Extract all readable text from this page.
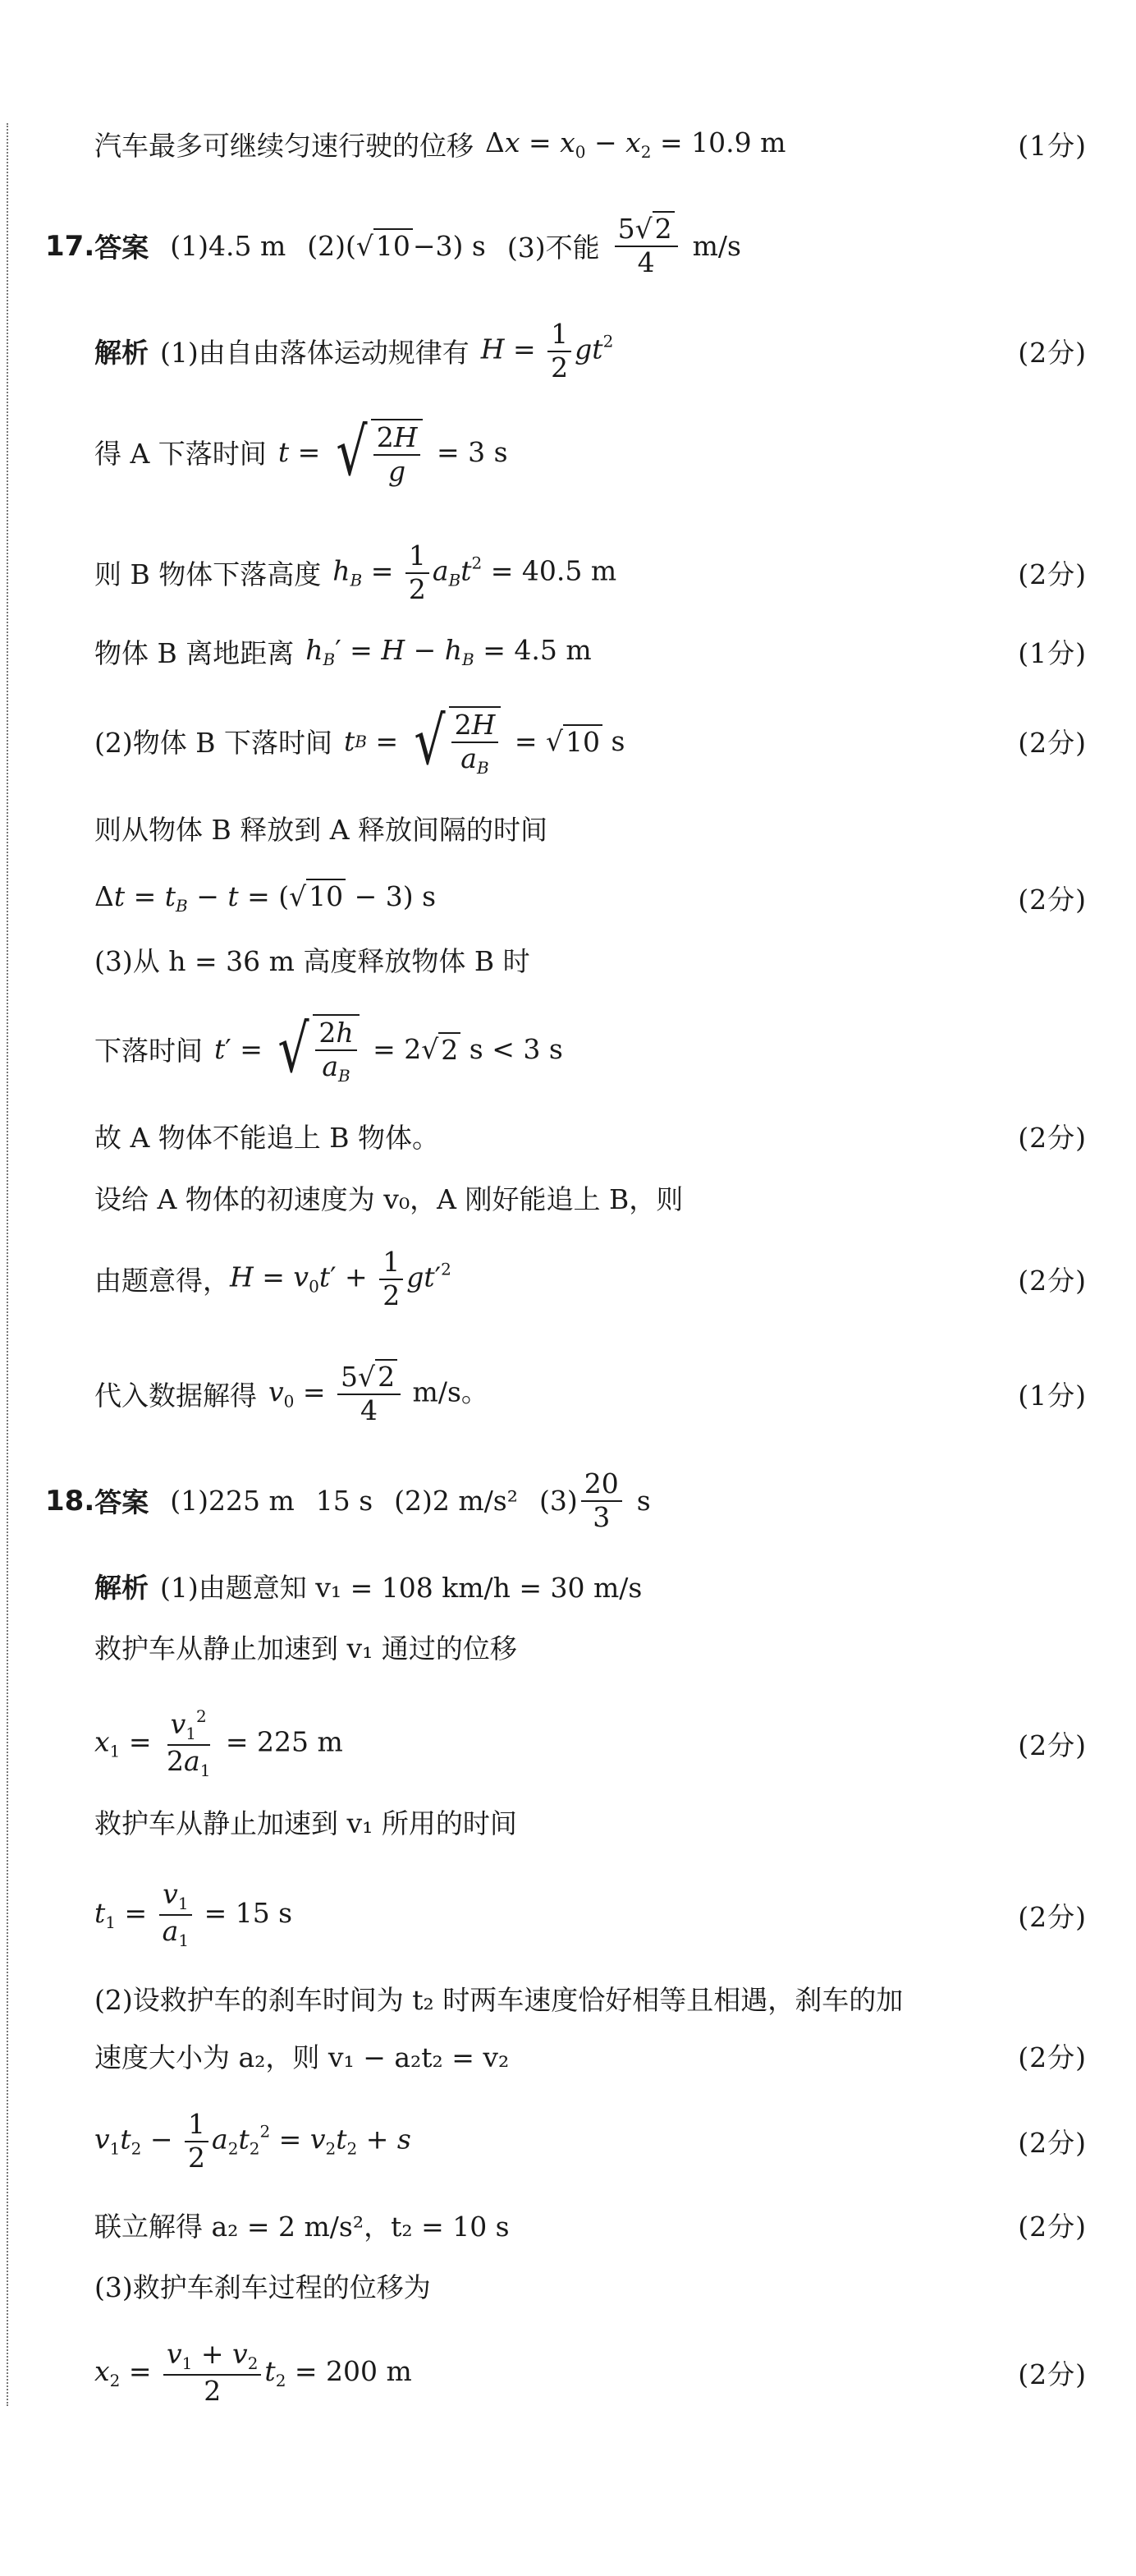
汽车最多可继续匀速行驶的位移 $\Delta x = x_0 - x_2 = 10.9$ m	(1分)
17. 答案 (1)4.5 m (2)(√10−3) s (3)不能 $\frac{5√2}{4} m/s$
解析 (1)由自由落体运动规律有 $H = \frac{1}{2} gt^2$	(2分)
得 A 下落时间 t = √ $\frac{2H}{g}$
= 3 s
则 B 物体下落高度 $h_B = \frac{1}{2} a_Bt^2 = 40.5$ m	(2分)
物体 B 离地距离 $h_B' = H - h_B = 4.5$ m	(1分)
(2)物体 B 下落时间 t B = √ $\frac{2H}{a_B}$ = √ 10 s	(2分)
则从物体 B 释放到 A 释放间隔的时间
$\Delta t = t_B - t = (√10 - 3)$ s	(2分)
(3)从 h = 36 m 高度释放物体 B 时
下落时间 t ′ = √ $\frac{2h}{a_B} = 2√$ 2 s < 3 s
故 A 物体不能追上 B 物体。	(2分)
设给 A 物体的初速度为 v₀，A 刚好能追上 B，则
由题意得， $H = v_0t' + \frac{1}{2} gt'^2$	(2分)
代入数据解得 $v_0 = \frac{5√2}{4} m/s$。	(1分)
18. 答案 (1)225 m 15 s (2)2 m/s² $(3) \frac{20}{3}$ s
解析 (1)由题意知 v₁ = 108 km/h = 30 m/s
救护车从静止加速到 v₁ 通过的位移
$x_1 = \frac{v_1^2}{2a_1} = 225$ m	(2分)
救护车从静止加速到 v₁ 所用的时间
$t_1 = \frac{v_1}{a_1} = 15$ s	(2分)
(2)设救护车的刹车时间为 t₂ 时两车速度恰好相等且相遇，刹车的加
速度大小为 a₂，则 v₁ − a₂t₂ = v₂	(2分)
$v_1t_2 - \frac{1}{2} a_2t_2^2 = v_2t_2 + s$	(2分)
联立解得 a₂ = 2 m/s²，t₂ = 10 s	(2分)
(3)救护车刹车过程的位移为
$x_2 = \frac{v_1 + v_2}{2} t_2 = 200$ m	(2分)
